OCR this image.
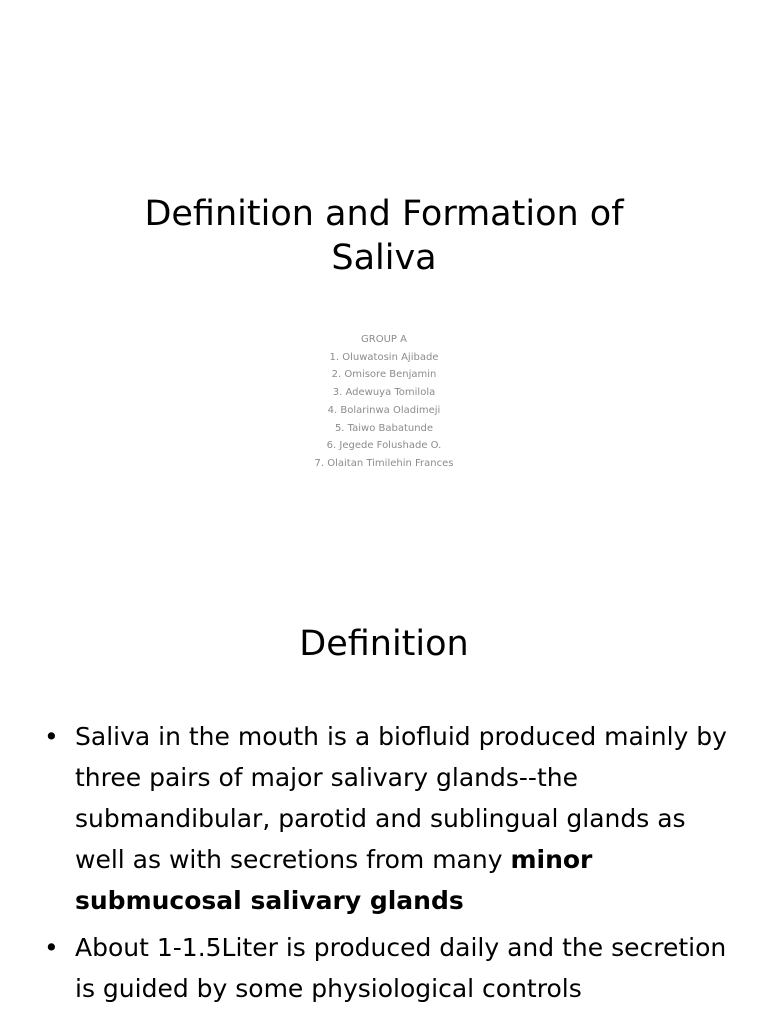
Definition and Formation of
Saliva
GROUP A
1. Oluwatosin Ajibade
2. Omisore Benjamin
3. Adewuya Tomilola
4. Bolarinwa Oladimeji
5. Taiwo Babatunde
6. Jegede Folushade O.
7. Olaitan Timilehin Frances
Definition
• Saliva in the mouth is a biofluid produced mainly by three pairs of major salivary glands--the submandibular, parotid and sublingual glands as well as with secretions from many minor submucosal salivary glands
• About 1-1.5Liter is produced daily and the secretion is guided by some physiological controls
